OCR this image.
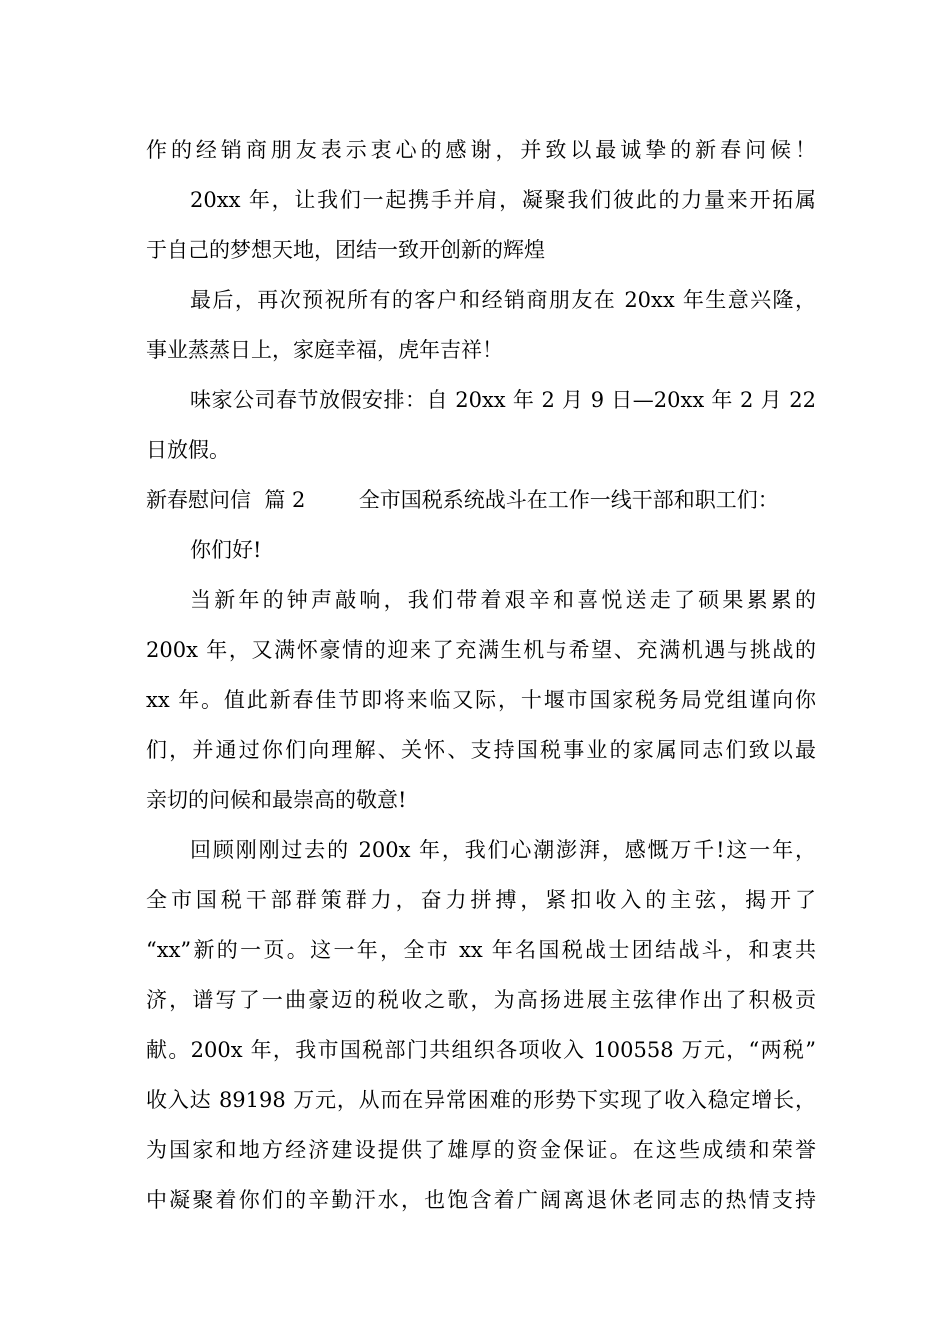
作的经销商朋友表示衷心的感谢，并致以最诚挚的新春问候！
20xx 年，让我们一起携手并肩，凝聚我们彼此的力量来开拓属
于自己的梦想天地，团结一致开创新的辉煌
最后，再次预祝所有的客户和经销商朋友在 20xx 年生意兴隆，
事业蒸蒸日上，家庭幸福，虎年吉祥！
味家公司春节放假安排：自 20xx 年 2 月 9 日—20xx 年 2 月 22
日放假。
新春慰问信  篇 2        全市国税系统战斗在工作一线干部和职工们：
你们好!
当新年的钟声敲响，我们带着艰辛和喜悦送走了硕果累累的
200x 年，又满怀豪情的迎来了充满生机与希望、充满机遇与挑战的
xx 年。值此新春佳节即将来临又际，十堰市国家税务局党组谨向你
们，并通过你们向理解、关怀、支持国税事业的家属同志们致以最
亲切的问候和最崇高的敬意!
回顾刚刚过去的 200x 年，我们心潮澎湃，感慨万千!这一年，
全市国税干部群策群力，奋力拼搏，紧扣收入的主弦，揭开了
“xx”新的一页。这一年，全市 xx 年名国税战士团结战斗，和衷共
济，谱写了一曲豪迈的税收之歌，为高扬进展主弦律作出了积极贡
献。200x 年，我市国税部门共组织各项收入 100558 万元，“两税”
收入达 89198 万元，从而在异常困难的形势下实现了收入稳定增长，
为国家和地方经济建设提供了雄厚的资金保证。在这些成绩和荣誉
中凝聚着你们的辛勤汗水，也饱含着广阔离退休老同志的热情支持
